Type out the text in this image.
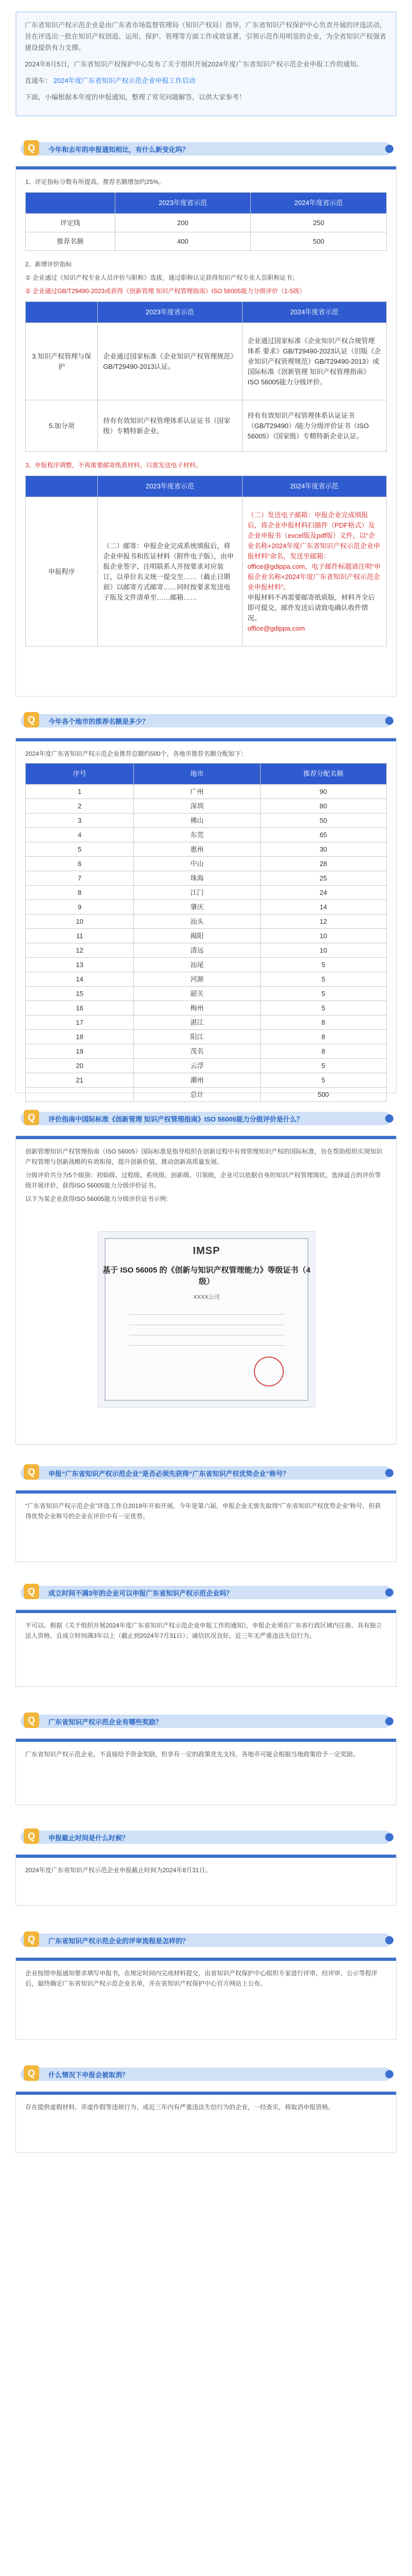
广东省知识产权示范企业是由广东省市场监督管理局（知识产权局）指导，广东省知识产权保护中心负责开展的评选活动，旨在评选出一批在知识产权创造、运用、保护、管理等方面工作成效显著，引领示范作用明显的企业，为全省知识产权强省建设提供有力支撑。

2024年8月5日，广东省知识产权保护中心发布了关于组织开展2024年度广东省知识产权示范企业申报工作的通知。

直通车： 2024年度广东省知识产权示范企业申报工作启动

下面，小编根据本年度的申报通知，整理了常见问题解答，以供大家参考！

Q	今年和去年的申报通知相比，有什么新变化吗？

1、评定指标分数有所提高，推荐名额增加约25%。

	2023年度省示范	2024年度省示范
评定线	200	250
推荐名额	400	500

2、新增评价指标

① 企业通过《知识产权专业人员评价与职称》选拔，通过职称认定获得知识产权专业人员职称证书；

② 企业通过GB/T29490-2023或获得《创新管理 知识产权管理指南》ISO 56005能力分级评价（1-5级）

	2023年度省示范	2024年度省示范
3.知识产权管理与保护	企业通过国家标准《企业知识产权管理规范》GB/T29490-2013认证。	企业通过国家标准《企业知识产权合规管理体系 要求》GB/T29490-2023认证（旧版《企业知识产权管理规范》GB/T29490-2013）或国际标准《创新管理 知识产权管理指南》ISO 56005能力分级评价。
5.加分项	持有有效知识产权管理体系认证证书（国家级）专精特新企业。	持有有效知识产权管理体系认证证书（GB/T29490）/能力分级评价证书（ISO 56005）（国家级）专精特新企业认证。

3、申报程序调整，不再需要邮寄纸质材料，只需发送电子材料。

	2023年度省示范	2024年度省示范
申报程序	（二）邮寄：申报企业完成系统填报后，将企业申报书和佐证材料（附件电子版），由申报企业签字、注明联系人并按要求对应装订，以单位名义统一提交至……（截止日期前）以邮寄方式邮寄……同时按要求发送电子版及文件清单至……邮箱……	（二）发送电子邮箱：申报企业完成填报后，将企业申报材料扫描件（PDF格式）及企业申报书（excel版及pdf版）文件，以“企业名称+2024年度广东省知识产权示范企业申报材料”命名，发送至邮箱：office@gdippa.com，电子邮件标题请注明“申报企业名称+2024年度广东省知识产权示范企业申报材料”。
申报材料不再需要邮寄纸质版，材料齐全后即可提交，邮件发送后请致电确认收件情况。
office@gdippa.com
Q	今年各个地市的推荐名额是多少？

2024年度广东省知识产权示范企业推荐总额约500个，各地市推荐名额分配如下：

序号	地市	推荐分配名额
1	广州	90
2	深圳	80
3	佛山	50
4	东莞	65
5	惠州	30
6	中山	28
7	珠海	25
8	江门	24
9	肇庆	14
10	汕头	12
11	揭阳	10
12	清远	10
13	汕尾	5
14	河源	5
15	韶关	5
16	梅州	5
17	湛江	8
18	阳江	8
19	茂名	8
20	云浮	5
21	潮州	5
	总计	500
Q	评价指南中国际标准《创新管理 知识产权管理指南》ISO 56005能力分级评价是什么？

创新管理知识产权管理指南（ISO 56005）国际标准是指导组织在创新过程中有效管理知识产权的国际标准，旨在帮助组织实现知识产权管理与创新战略的有效衔接，提升创新价值，推动创新高质量发展。

分级评价共分为5个级别：初始级、过程级、系统级、创新级、引领级，企业可以依据自身的知识产权管理现状，选择适合的评价等级开展评价，获得ISO 56005能力分级评价证书。

以下为某企业获得ISO 56005能力分级评价证书示例：

IMSP
基于 ISO 56005 的《创新与知识产权管理能力》等级证书（4级）
XXXX公司
Q	申报“广东省知识产权示范企业”是否必须先获得“广东省知识产权优势企业”称号？

“广东省知识产权示范企业”评选工作自2019年开始开展，今年是第六届，申报企业无需先取得“广东省知识产权优势企业”称号，但获得优势企业称号的企业在评价中有一定优势。

Q	成立时间不满3年的企业可以申报广东省知识产权示范企业吗？

不可以。根据《关于组织开展2024年度广东省知识产权示范企业申报工作的通知》，申报企业须在广东省行政区域内注册、具有独立法人资格，且成立时间满3年以上（截止到2024年7月31日）；诚信状况良好，近三年无严重违法失信行为。

Q	广东省知识产权示范企业有哪些奖励？

广东省知识产权示范企业，不直接给予资金奖励，但享有一定的政策优先支持，各地市可能会根据当地政策给予一定奖励。

Q	申报截止时间是什么时候？

2024年度广东省知识产权示范企业申报截止时间为2024年8月31日。

Q	广东省知识产权示范企业的评审流程是怎样的？

企业按照申报通知要求填写申报书，在规定时间内完成材料提交，由省知识产权保护中心组织专家进行评审，经评审、公示等程序后，最终确定广东省知识产权示范企业名单，并在省知识产权保护中心官方网站上公布。

Q	什么情况下申报会被取消？

存在提供虚假材料、弄虚作假等违规行为，或近三年内有严重违法失信行为的企业，一经查实，将取消申报资格。
